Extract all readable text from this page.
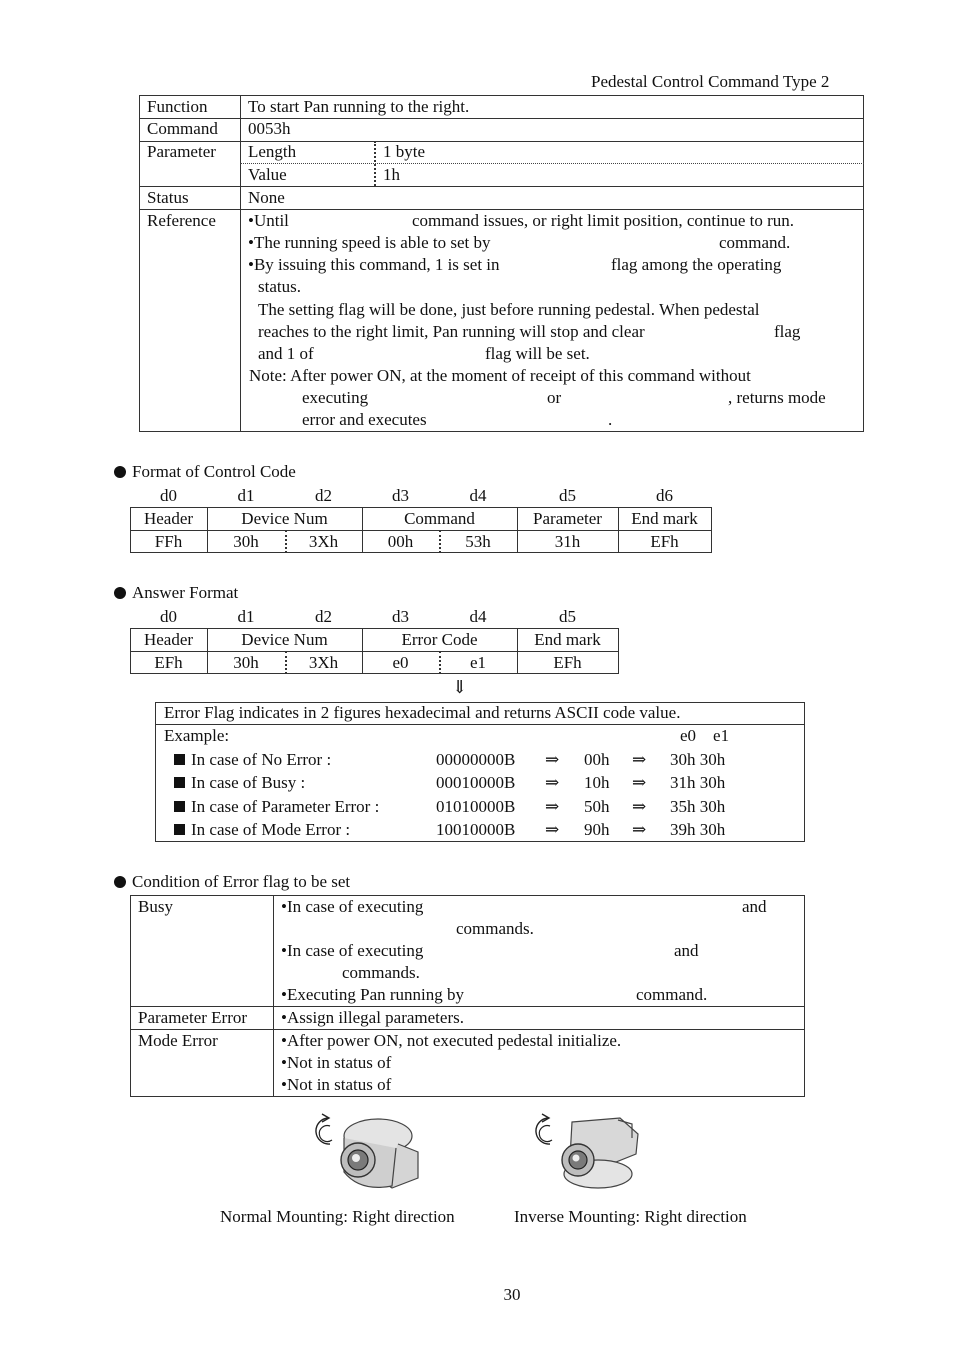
Pedestal Control Command Type 2
Function To start Pan running to the right.
Command 0053h
Parameter Length	1 byte
Value	1h
Status	None
Reference •Until	command issues, or right limit position, continue to run.
•The running speed is able to set by	command.
•By issuing this command, 1 is set in	flag among the operating
status.
The setting flag will be done, just before running pedestal. When pedestal
reaches to the right limit, Pan running will stop and clear	flag
and 1 of	flag will be set.
Note: After power ON, at the moment of receipt of this command without
executing	or	, returns mode
error and executes	.
Format of Control Code
d0	d1	d2	d3	d4	d5	d6
Header	Device Num	Command	Parameter	End mark
FFh	30h	3Xh	00h	53h	31h	EFh
Answer Format
d0	d1	d2	d3	d4	d5
Header	Device Num	Error Code	End mark
EFh	30h	3Xh	e0	e1	EFh
⇓
Error Flag indicates in 2 figures hexadecimal and returns ASCII code value.
Example:	e0    e1
In case of No Error :	00000000B ⇒ 00h ⇒ 30h 30h
In case of Busy :	00010000B ⇒ 10h ⇒ 31h 30h
In case of Parameter Error :	01010000B ⇒ 50h ⇒ 35h 30h
In case of Mode Error :	10010000B ⇒ 90h ⇒ 39h 30h
Condition of Error flag to be set
Busy	•In case of executing	and
commands.
•In case of executing	and
commands.
•Executing Pan running by	command.
Parameter Error •Assign illegal parameters.
Mode Error	•After power ON, not executed pedestal initialize.
•Not in status of
•Not in status of
Normal Mounting: Right direction	Inverse Mounting: Right direction
30
